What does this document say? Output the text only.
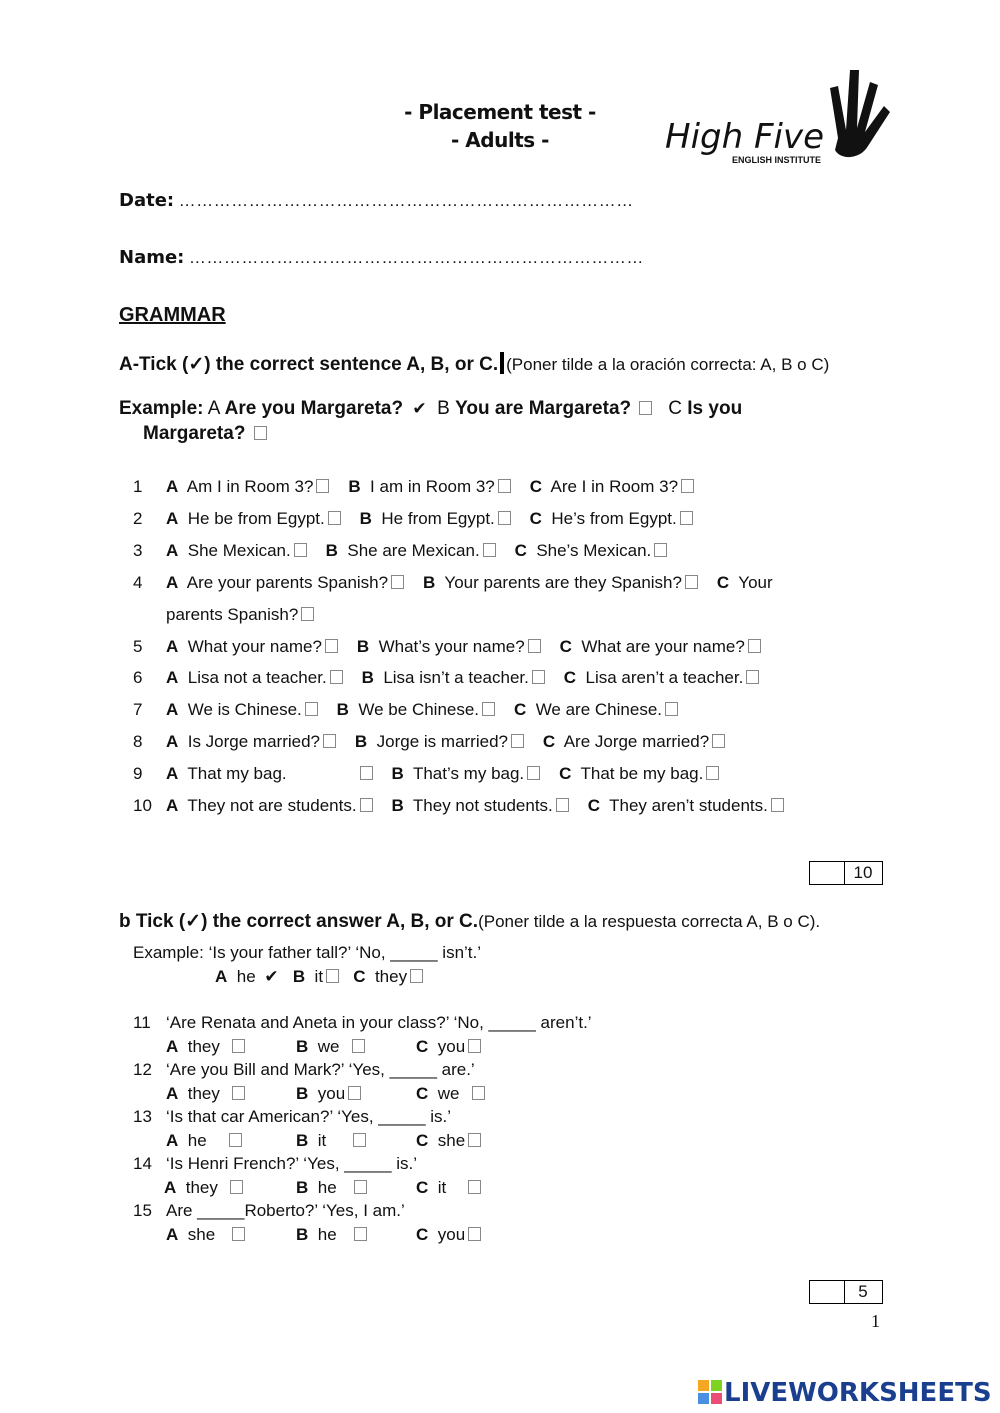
- Placement test -
- Adults -	High Five
ENGLISH INSTITUTE
Date: ……………………………………………………………………
Name: ……………………………………………………………………
GRAMMAR
A-Tick (✓) the correct sentence A, B, or C. (Poner tilde a la oración correcta: A, B o C)
Example: A Are you Margareta? ✔ B You are Margareta? C Is you
Margareta?
1 A Am I in Room 3? B I am in Room 3? C Are I in Room 3?
2 A He be from Egypt. B He from Egypt. C He’s from Egypt.
3 A She Mexican. B She are Mexican. C She’s Mexican.
4 A Are your parents Spanish? B Your parents are they Spanish? C Your
parents Spanish?
5 A What your name? B What’s your name? C What are your name?
6 A Lisa not a teacher. B Lisa isn’t a teacher. C Lisa aren’t a teacher.
7 A We is Chinese. B We be Chinese. C We are Chinese.
8 A Is Jorge married? B Jorge is married? C Are Jorge married?
9 A That my bag.	B That’s my bag. C That be my bag.
10 A They not are students. B They not students. C They aren’t students.
10
b Tick (✓) the correct answer A, B, or C.(Poner tilde a la respuesta correcta A, B o C).
Example: ‘Is your father tall?’ ‘No, _____ isn’t.’
A he ✔ B it C they
11 ‘Are Renata and Aneta in your class?’ ‘No, _____ aren’t.’
A they	B we	C you
12 ‘Are you Bill and Mark?’ ‘Yes, _____ are.’
A they	B you	C we
13 ‘Is that car American?’ ‘Yes, _____ is.’
A he	B it	C she
14 ‘Is Henri French?’ ‘Yes, _____ is.’
A they	B he	C it
15 Are _____Roberto?’ ‘Yes, I am.’
A she	B he	C you
5
1
LIVEWORKSHEETS
